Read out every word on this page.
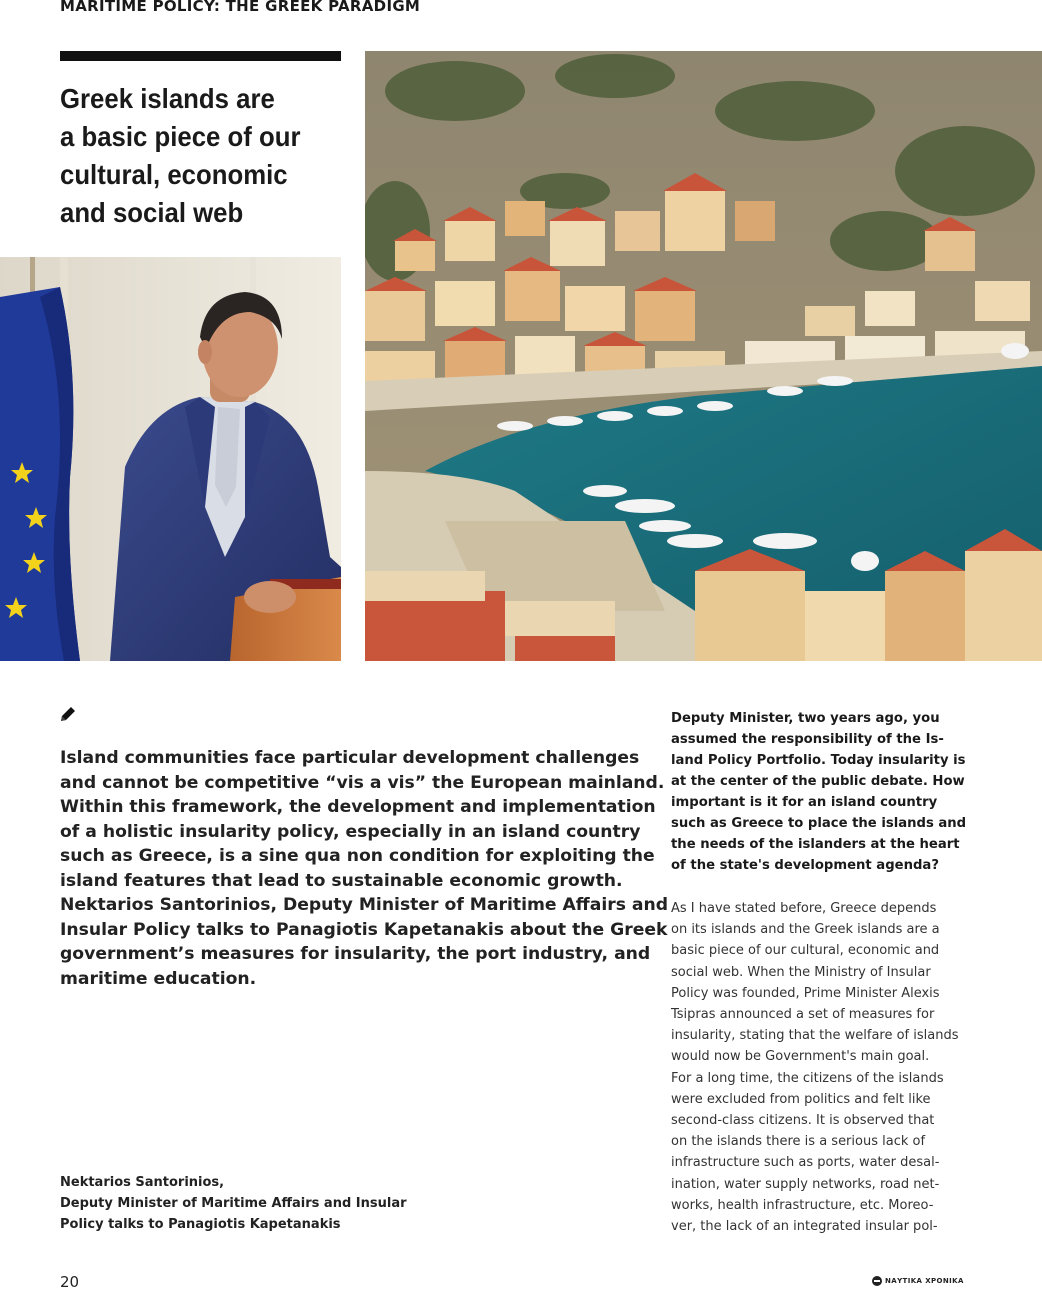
MARITIME POLICY: THE GREEK PARADIGM
Greek islands are
a basic piece of our
cultural, economic
and social web
Island communities face particular development challenges
and cannot be competitive “vis a vis” the European mainland.
Within this framework, the development and implementation
of a holistic insularity policy, especially in an island country
such as Greece, is a sine qua non condition for exploiting the
island features that lead to sustainable economic growth.
Nektarios Santorinios, Deputy Minister of Maritime Affairs and
Insular Policy talks to Panagiotis Kapetanakis about the Greek
government’s measures for insularity, the port industry, and
maritime education.
Nektarios Santorinios,
Deputy Minister of Maritime Affairs and Insular
Policy talks to Panagiotis Kapetanakis
Deputy Minister, two years ago, you
assumed the responsibility of the Is-
land Policy Portfolio. Today insularity is
at the center of the public debate. How
important is it for an island country
such as Greece to place the islands and
the needs of the islanders at the heart
of the state's development agenda?
As I have stated before, Greece depends
on its islands and the Greek islands are a
basic piece of our cultural, economic and
social web. When the Ministry of Insular
Policy was founded, Prime Minister Alexis
Tsipras announced a set of measures for
insularity, stating that the welfare of islands
would now be Government's main goal.
For a long time, the citizens of the islands
were excluded from politics and felt like
second-class citizens. It is observed that
on the islands there is a serious lack of
infrastructure such as ports, water desal-
ination, water supply networks, road net-
works, health infrastructure, etc. Moreo-
ver, the lack of an integrated insular pol-
20	ΝΑΥΤΙΚΑ ΧΡΟΝΙΚΑ
